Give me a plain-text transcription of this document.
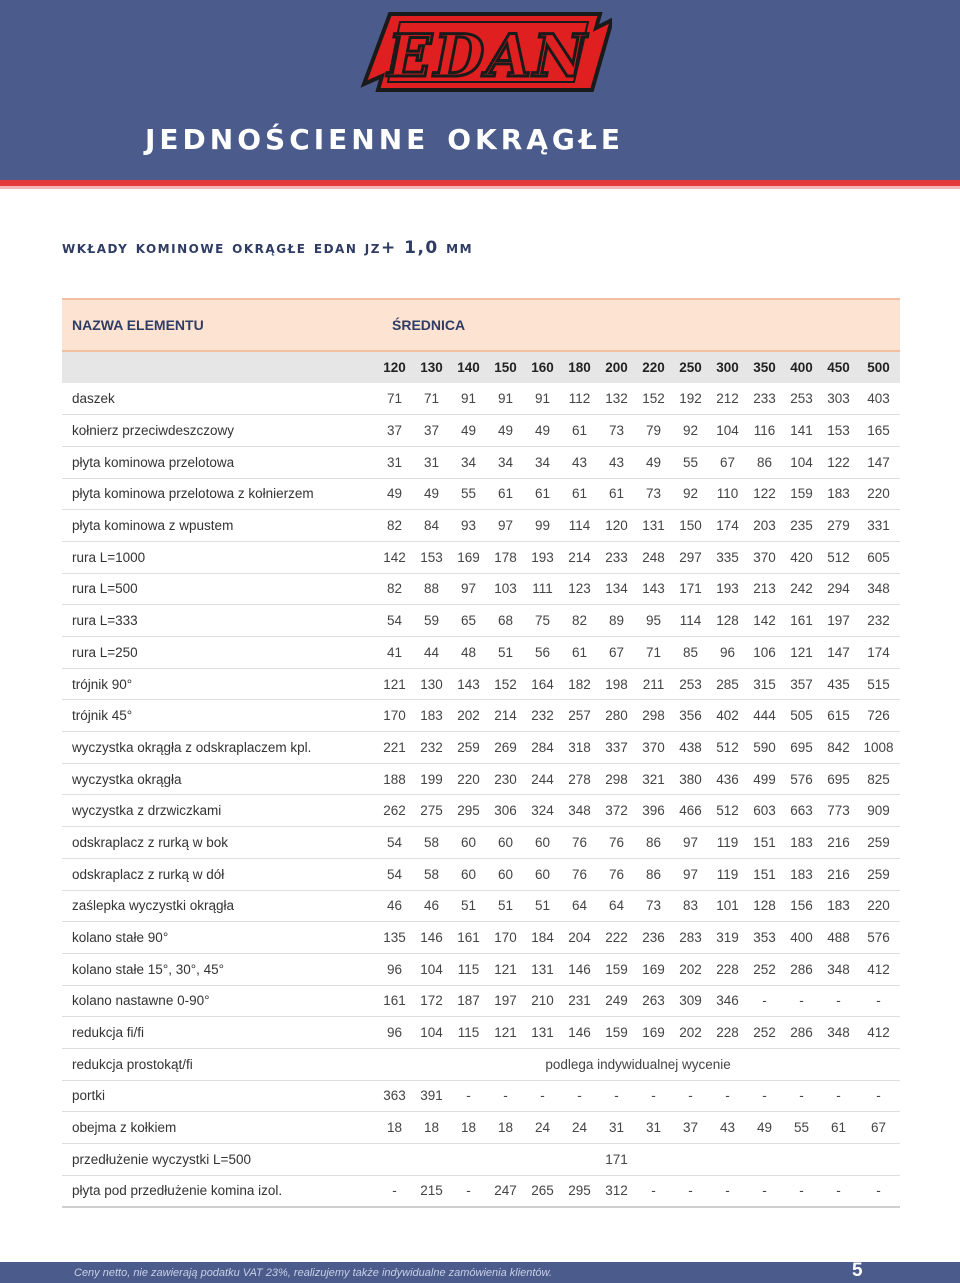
EDAN
jednościenne okrągłe
wkłady kominowe okrągłe edan jz+ 1,0 mm
NAZWA ELEMENTU	ŚREDNICA													
	120	130	140	150	160	180	200	220	250	300	350	400	450	500
daszek	71	71	91	91	91	112	132	152	192	212	233	253	303	403
kołnierz przeciwdeszczowy	37	37	49	49	49	61	73	79	92	104	116	141	153	165
płyta kominowa przelotowa	31	31	34	34	34	43	43	49	55	67	86	104	122	147
płyta kominowa przelotowa z kołnierzem	49	49	55	61	61	61	61	73	92	110	122	159	183	220
płyta kominowa z wpustem	82	84	93	97	99	114	120	131	150	174	203	235	279	331
rura L=1000	142	153	169	178	193	214	233	248	297	335	370	420	512	605
rura L=500	82	88	97	103	111	123	134	143	171	193	213	242	294	348
rura L=333	54	59	65	68	75	82	89	95	114	128	142	161	197	232
rura L=250	41	44	48	51	56	61	67	71	85	96	106	121	147	174
trójnik 90°	121	130	143	152	164	182	198	211	253	285	315	357	435	515
trójnik 45°	170	183	202	214	232	257	280	298	356	402	444	505	615	726
wyczystka okrągła z odskraplaczem kpl.	221	232	259	269	284	318	337	370	438	512	590	695	842	1008
wyczystka okrągła	188	199	220	230	244	278	298	321	380	436	499	576	695	825
wyczystka z drzwiczkami	262	275	295	306	324	348	372	396	466	512	603	663	773	909
odskraplacz z rurką w bok	54	58	60	60	60	76	76	86	97	119	151	183	216	259
odskraplacz z rurką w dół	54	58	60	60	60	76	76	86	97	119	151	183	216	259
zaślepka wyczystki okrągła	46	46	51	51	51	64	64	73	83	101	128	156	183	220
kolano stałe 90°	135	146	161	170	184	204	222	236	283	319	353	400	488	576
kolano stałe 15°, 30°, 45°	96	104	115	121	131	146	159	169	202	228	252	286	348	412
kolano nastawne 0-90°	161	172	187	197	210	231	249	263	309	346	-	-	-	-
redukcja fi/fi	96	104	115	121	131	146	159	169	202	228	252	286	348	412
redukcja prostokąt/fi	podlega indywidualnej wycenie													
portki	363	391	-	-	-	-	-	-	-	-	-	-	-	-
obejma z kołkiem	18	18	18	18	24	24	31	31	37	43	49	55	61	67
przedłużenie wyczystki L=500							171							
płyta pod przedłużenie komina izol.	-	215	-	247	265	295	312	-	-	-	-	-	-	-
Ceny netto, nie zawierają podatku VAT 23%, realizujemy także indywidualne zamówienia klientów.	5
